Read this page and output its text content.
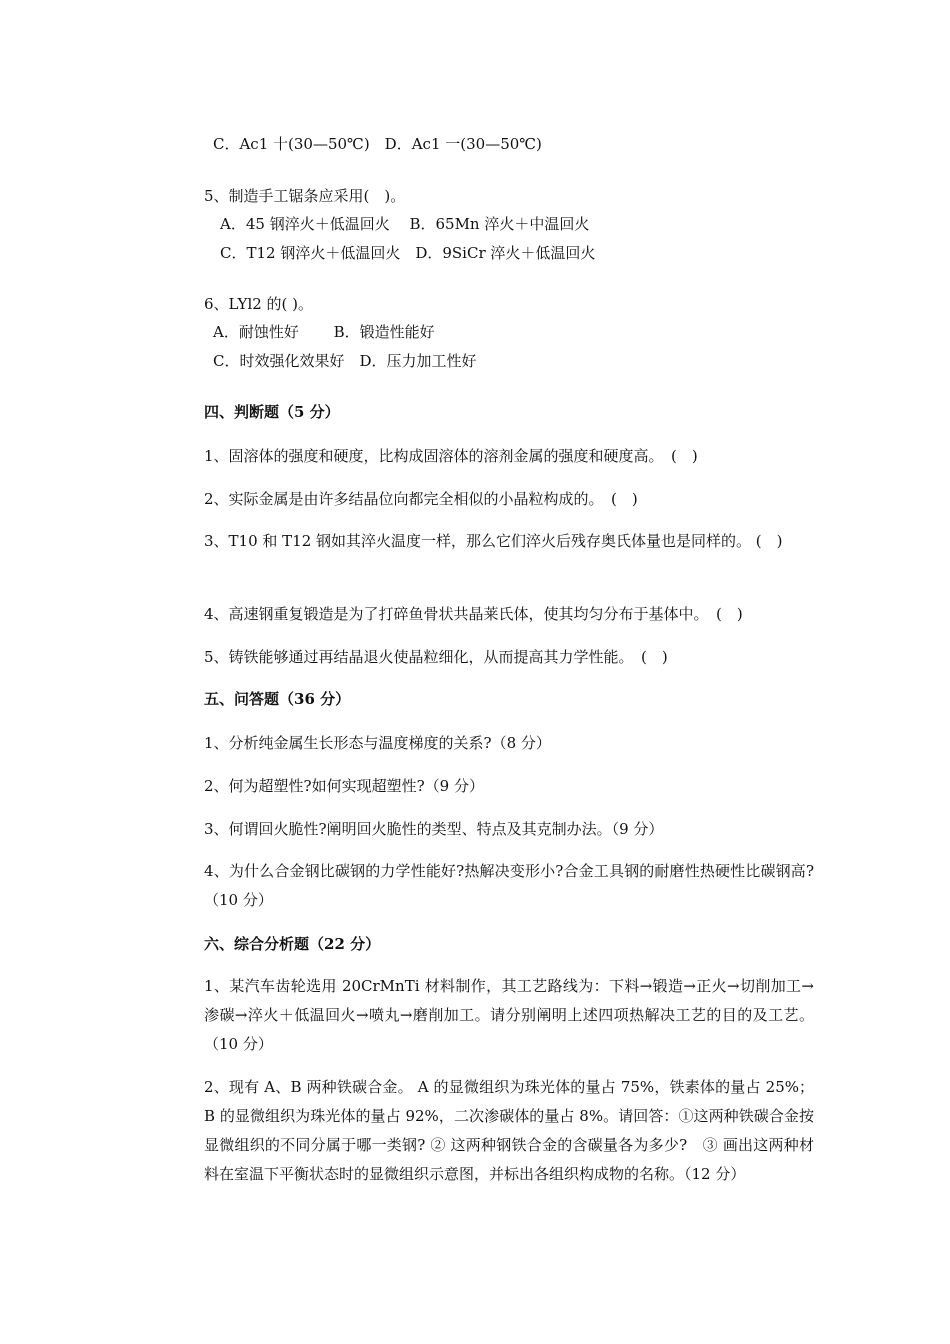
C．Ac1 十(30—50℃)　D．Ac1 一(30—50℃)
5、制造手工锯条应采用(　)。
A．45 钢淬火＋低温回火　 B．65Mn 淬火＋中温回火
C．T12 钢淬火＋低温回火　D．9SiCr 淬火＋低温回火
6、LYl2 的( )。
A．耐蚀性好　　 B．锻造性能好
C．时效强化效果好　D．压力加工性好
四、判断题（5 分）
1、固溶体的强度和硬度，比构成固溶体的溶剂金属的强度和硬度高。　(　)
2、实际金属是由许多结晶位向都完全相似的小晶粒构成的。　(　)
3、T10 和 T12 钢如其淬火温度一样，那么它们淬火后残存奥氏体量也是同样的。 (　)
4、高速钢重复锻造是为了打碎鱼骨状共晶莱氏体，使其均匀分布于基体中。　(　)
5、铸铁能够通过再结晶退火使晶粒细化，从而提高其力学性能。　(　)
五、问答题（36 分）
1、分析纯金属生长形态与温度梯度的关系?（8 分）
2、何为超塑性?如何实现超塑性?（9 分）
3、何谓回火脆性?阐明回火脆性的类型、特点及其克制办法。（9 分）
4、为什么合金钢比碳钢的力学性能好?热解决变形小?合金工具钢的耐磨性热硬性比碳钢高?（10 分）
六、综合分析题（22 分）
1、某汽车齿轮选用 20CrMnTi 材料制作，其工艺路线为：下料→锻造→正火→切削加工→渗碳→淬火＋低温回火→喷丸→磨削加工。请分别阐明上述四项热解决工艺的目的及工艺。（10 分）
2、现有 A、B 两种铁碳合金。 A 的显微组织为珠光体的量占 75%，铁素体的量占 25%；B 的显微组织为珠光体的量占 92%，二次渗碳体的量占 8%。请回答：①这两种铁碳合金按显微组织的不同分属于哪一类钢? ② 这两种钢铁合金的含碳量各为多少?　③ 画出这两种材料在室温下平衡状态时的显微组织示意图，并标出各组织构成物的名称。（12 分）
